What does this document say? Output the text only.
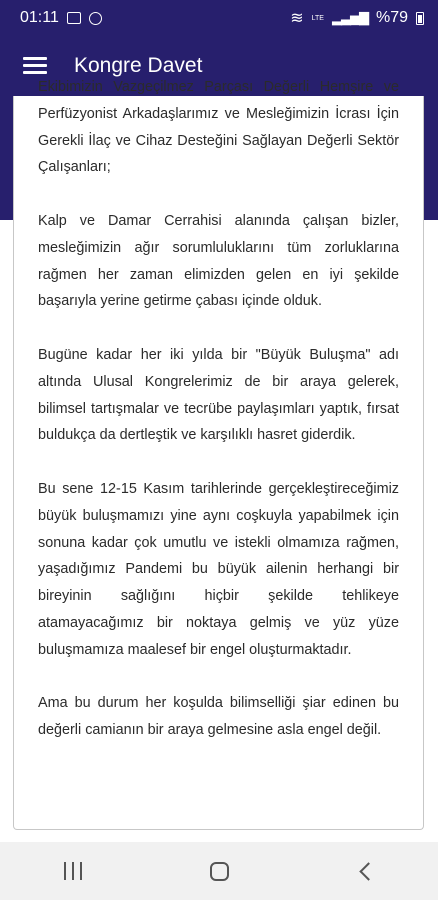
01:11	≋ LTE ▂▃▅▇ %79
Kongre Davet

Ekibimizin Vazgeçilmez Parçası Değerli Hemşire ve Perfüzyonist Arkadaşlarımız ve Mesleğimizin İcrası İçin Gerekli İlaç ve Cihaz Desteğini Sağlayan Değerli Sektör Çalışanları;

Kalp ve Damar Cerrahisi alanında çalışan bizler, mesleğimizin ağır sorumluluklarını tüm zorluklarına rağmen her zaman elimizden gelen en iyi şekilde başarıyla yerine getirme çabası içinde olduk.

Bugüne kadar her iki yılda bir "Büyük Buluşma" adı altında Ulusal Kongrelerimiz de bir araya gelerek, bilimsel tartışmalar ve tecrübe paylaşımları yaptık, fırsat buldukça da dertleştik ve karşılıklı hasret giderdik.

Bu sene 12-15 Kasım tarihlerinde gerçekleştireceğimiz büyük buluşmamızı yine aynı coşkuyla yapabilmek için sonuna kadar çok umutlu ve istekli olmamıza rağmen, yaşadığımız Pandemi bu büyük ailenin herhangi bir bireyinin sağlığını hiçbir şekilde tehlikeye atamayacağımız bir noktaya gelmiş ve yüz yüze buluşmamıza maalesef bir engel oluşturmaktadır.

Ama bu durum her koşulda bilimselliği şiar edinen bu değerli camianın bir araya gelmesine asla engel değil.
